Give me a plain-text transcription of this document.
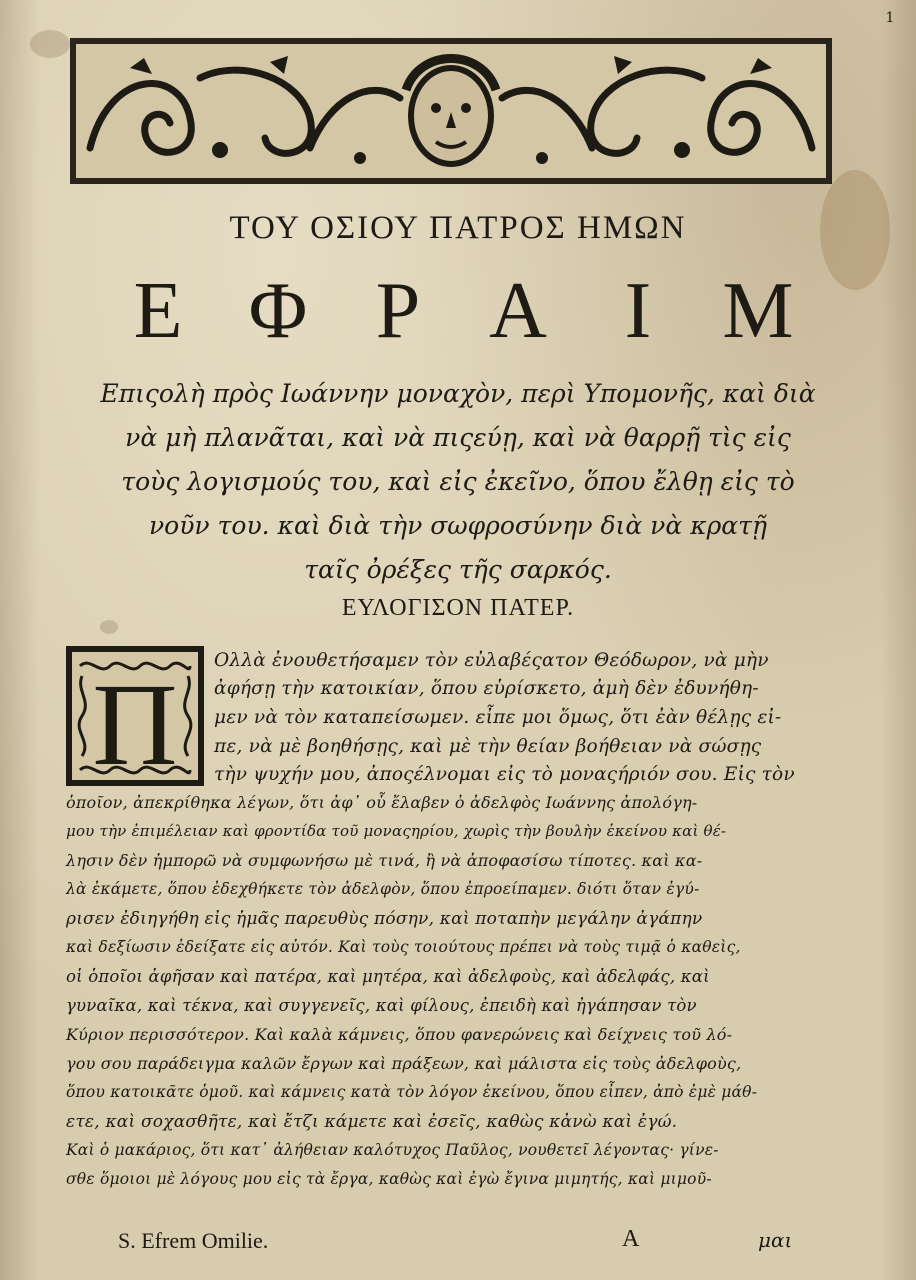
1
ΤΟΥ ΟΣΙΟΥ ΠΑΤΡΟΣ ΗΜΩΝ
Ε Φ Ρ Α Ι Μ
Επιςολὴ πρὸς Ιωάννην μοναχὸν, περὶ Υπομονῆς, καὶ διὰ
νὰ μὴ πλανᾶται, καὶ νὰ πιςεύῃ, καὶ νὰ θαρρῇ τὶς εἰς
τοὺς λογισμούς του, καὶ εἰς ἐκεῖνο, ὅπου ἔλθῃ εἰς τὸ
νοῦν του. καὶ διὰ τὴν σωφροσύνην διὰ νὰ κρατῇ
ταῖς ὀρέξες τῆς σαρκός.
ΕΥΛΟΓΙΣΟΝ ΠΑΤΕΡ.
Π Ολλὰ ἐνουθετήσαμεν τὸν εὐλαβέςατον Θεόδωρον, νὰ μὴν
ἀφήσῃ τὴν κατοικίαν, ὅπου εὑρίσκετο, ἀμὴ δὲν ἐδυνήθη-
μεν νὰ τὸν καταπείσωμεν. εἶπε μοι ὅμως, ὅτι ἐὰν θέλῃς εἰ-
πε, νὰ μὲ βοηθήσῃς, καὶ μὲ τὴν θείαν βοήθειαν νὰ σώσῃς
τὴν ψυχήν μου, ἀποςέλνομαι εἰς τὸ μοναςήριόν σου. Εἰς τὸν
ὁποῖον, ἀπεκρίθηκα λέγων, ὅτι ἀφ᾽ οὗ ἔλαβεν ὁ ἀδελφὸς Ιωάννης ἀπολόγη-
μου τὴν ἐπιμέλειαν καὶ φροντίδα τοῦ μοναςηρίου, χωρὶς τὴν βουλὴν ἐκείνου καὶ θέ-
λησιν δὲν ἠμπορῶ νὰ συμφωνήσω μὲ τινά, ἢ νὰ ἀποφασίσω τίποτες. καὶ κα-
λὰ ἐκάμετε, ὅπου ἐδεχθήκετε τὸν ἀδελφὸν, ὅπου ἐπροείπαμεν. διότι ὅταν ἐγύ-
ρισεν ἐδιηγήθη εἰς ἡμᾶς παρευθὺς πόσην, καὶ ποταπὴν μεγάλην ἀγάπην
καὶ δεξίωσιν ἐδείξατε εἰς αὐτόν. Καὶ τοὺς τοιούτους πρέπει νὰ τοὺς τιμᾷ ὁ καθεὶς,
οἱ ὁποῖοι ἀφῆσαν καὶ πατέρα, καὶ μητέρα, καὶ ἀδελφοὺς, καὶ ἀδελφάς, καὶ
γυναῖκα, καὶ τέκνα, καὶ συγγενεῖς, καὶ φίλους, ἐπειδὴ καὶ ἠγάπησαν τὸν
Κύριον περισσότερον. Καὶ καλὰ κάμνεις, ὅπου φανερώνεις καὶ δείχνεις τοῦ λό-
γου σου παράδειγμα καλῶν ἔργων καὶ πράξεων, καὶ μάλιστα εἰς τοὺς ἀδελφοὺς,
ὅπου κατοικᾶτε ὁμοῦ. καὶ κάμνεις κατὰ τὸν λόγον ἐκείνου, ὅπου εἶπεν, ἀπὸ ἐμὲ μάθ-
ετε, καὶ σοχασθῆτε, καὶ ἔτζι κάμετε καὶ ἐσεῖς, καθὼς κἀνὼ καὶ ἐγώ.
Καὶ ὁ μακάριος, ὅτι κατ᾽ ἀλήθειαν καλότυχος Παῦλος, νουθετεῖ λέγοντας· γίνε-
σθε ὅμοιοι μὲ λόγους μου εἰς τὰ ἔργα, καθὼς καὶ ἐγὼ ἔγινα μιμητής, καὶ μιμοῦ-
S. Efrem Omilie.	A	μαι
